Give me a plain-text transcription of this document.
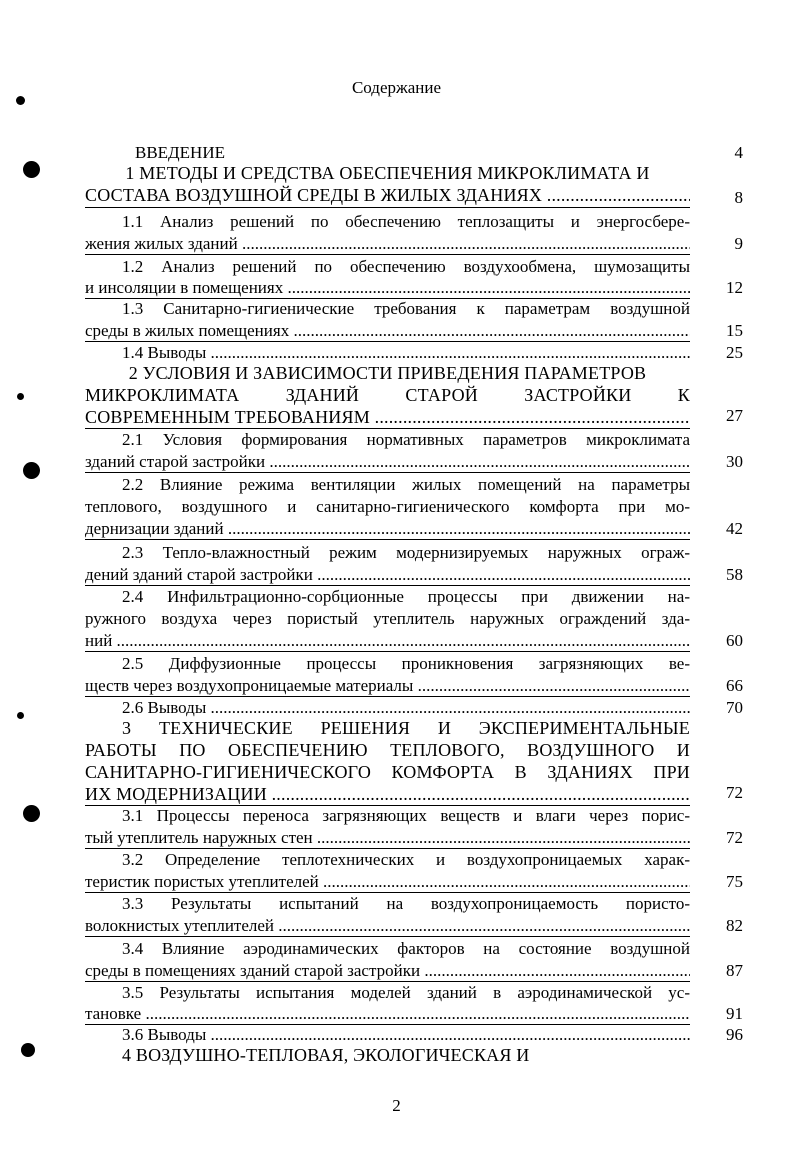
Содержание
ВВЕДЕНИЕ	4
1 МЕТОДЫ И СРЕДСТВА ОБЕСПЕЧЕНИЯ МИКРОКЛИМАТА И
СОСТАВА ВОЗДУШНОЙ СРЕДЫ В ЖИЛЫХ ЗДАНИЯХ .....	8
1.1 Анализ решений по обеспечению теплозащиты и энергосбере-
жения жилых зданий .....	9
1.2 Анализ решений по обеспечению воздухообмена, шумозащиты
и инсоляции в помещениях .....	12
1.3 Санитарно-гигиенические требования к параметрам воздушной
среды в жилых помещениях .....	15
1.4 Выводы .....	25
2 УСЛОВИЯ И ЗАВИСИМОСТИ ПРИВЕДЕНИЯ ПАРАМЕТРОВ
МИКРОКЛИМАТА ЗДАНИЙ СТАРОЙ ЗАСТРОЙКИ К
СОВРЕМЕННЫМ ТРЕБОВАНИЯМ .....	27
2.1 Условия формирования нормативных параметров микроклимата
зданий старой застройки .....	30
2.2 Влияние режима вентиляции жилых помещений на параметры
теплового, воздушного и санитарно-гигиенического комфорта при мо-
дернизации зданий .....	42
2.3 Тепло-влажностный режим модернизируемых наружных ограж-
дений зданий старой застройки .....	58
2.4 Инфильтрационно-сорбционные процессы при движении на-
ружного воздуха через пористый утеплитель наружных ограждений зда-
ний .....	60
2.5 Диффузионные процессы проникновения загрязняющих ве-
ществ через воздухопроницаемые материалы .....	66
2.6 Выводы .....	70
3 ТЕХНИЧЕСКИЕ РЕШЕНИЯ И ЭКСПЕРИМЕНТАЛЬНЫЕ
РАБОТЫ ПО ОБЕСПЕЧЕНИЮ ТЕПЛОВОГО, ВОЗДУШНОГО И
САНИТАРНО-ГИГИЕНИЧЕСКОГО КОМФОРТА В ЗДАНИЯХ ПРИ
ИХ МОДЕРНИЗАЦИИ .....	72
3.1 Процессы переноса загрязняющих веществ и влаги через порис-
тый утеплитель наружных стен .....	72
3.2 Определение теплотехнических и воздухопроницаемых харак-
теристик пористых утеплителей .....	75
3.3 Результаты испытаний на воздухопроницаемость пористо-
волокнистых утеплителей .....	82
3.4 Влияние аэродинамических факторов на состояние воздушной
среды в помещениях зданий старой застройки .....	87
3.5 Результаты испытания моделей зданий в аэродинамической ус-
тановке .....	91
3.6 Выводы .....	96
4 ВОЗДУШНО-ТЕПЛОВАЯ, ЭКОЛОГИЧЕСКАЯ И
2
